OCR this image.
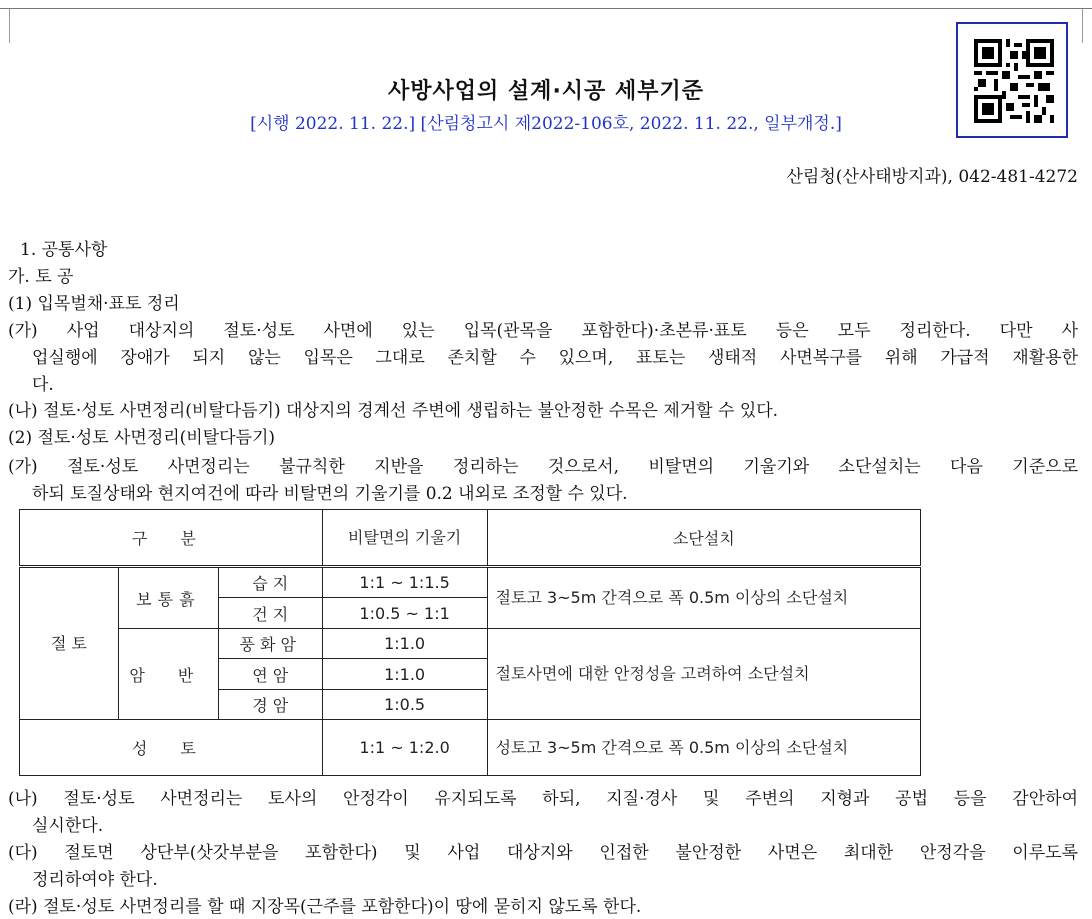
사방사업의 설계·시공 세부기준
[시행 2022. 11. 22.] [산림청고시 제2022-106호, 2022. 11. 22., 일부개정.]
산림청(산사태방지과), 042-481-4272
1. 공통사항
가. 토 공
(1) 입목벌채·표토 정리
(가) 사업 대상지의 절토·성토 사면에 있는 입목(관목을 포함한다)·초본류·표토 등은 모두 정리한다. 다만 사
업실행에 장애가 되지 않는 입목은 그대로 존치할 수 있으며, 표토는 생태적 사면복구를 위해 가급적 재활용한
다.
(나) 절토·성토 사면정리(비탈다듬기) 대상지의 경계선 주변에 생립하는 불안정한 수목은 제거할 수 있다.
(2) 절토·성토 사면정리(비탈다듬기)
(가) 절토·성토 사면정리는 불규칙한 지반을 정리하는 것으로서, 비탈면의 기울기와 소단설치는 다음 기준으로
하되 토질상태와 현지여건에 따라 비탈면의 기울기를 0.2 내외로 조정할 수 있다.
구 분			비탈면의 기울기	소단설치
절 토	보통흙	습 지	1:1 ~ 1:1.5	절토고 3~5m 간격으로 폭 0.5m 이상의 소단설치
		건 지	1:0.5 ~ 1:1	
	암 반	풍화암	1:1.0	절토사면에 대한 안정성을 고려하여 소단설치
		연 암	1:1.0	
		경 암	1:0.5	
성 토			1:1 ~ 1:2.0	성토고 3~5m 간격으로 폭 0.5m 이상의 소단설치
(나) 절토·성토 사면정리는 토사의 안정각이 유지되도록 하되, 지질·경사 및 주변의 지형과 공법 등을 감안하여
실시한다.
(다) 절토면 상단부(삿갓부분을 포함한다) 및 사업 대상지와 인접한 불안정한 사면은 최대한 안정각을 이루도록
정리하여야 한다.
(라) 절토·성토 사면정리를 할 때 지장목(근주를 포함한다)이 땅에 묻히지 않도록 한다.
